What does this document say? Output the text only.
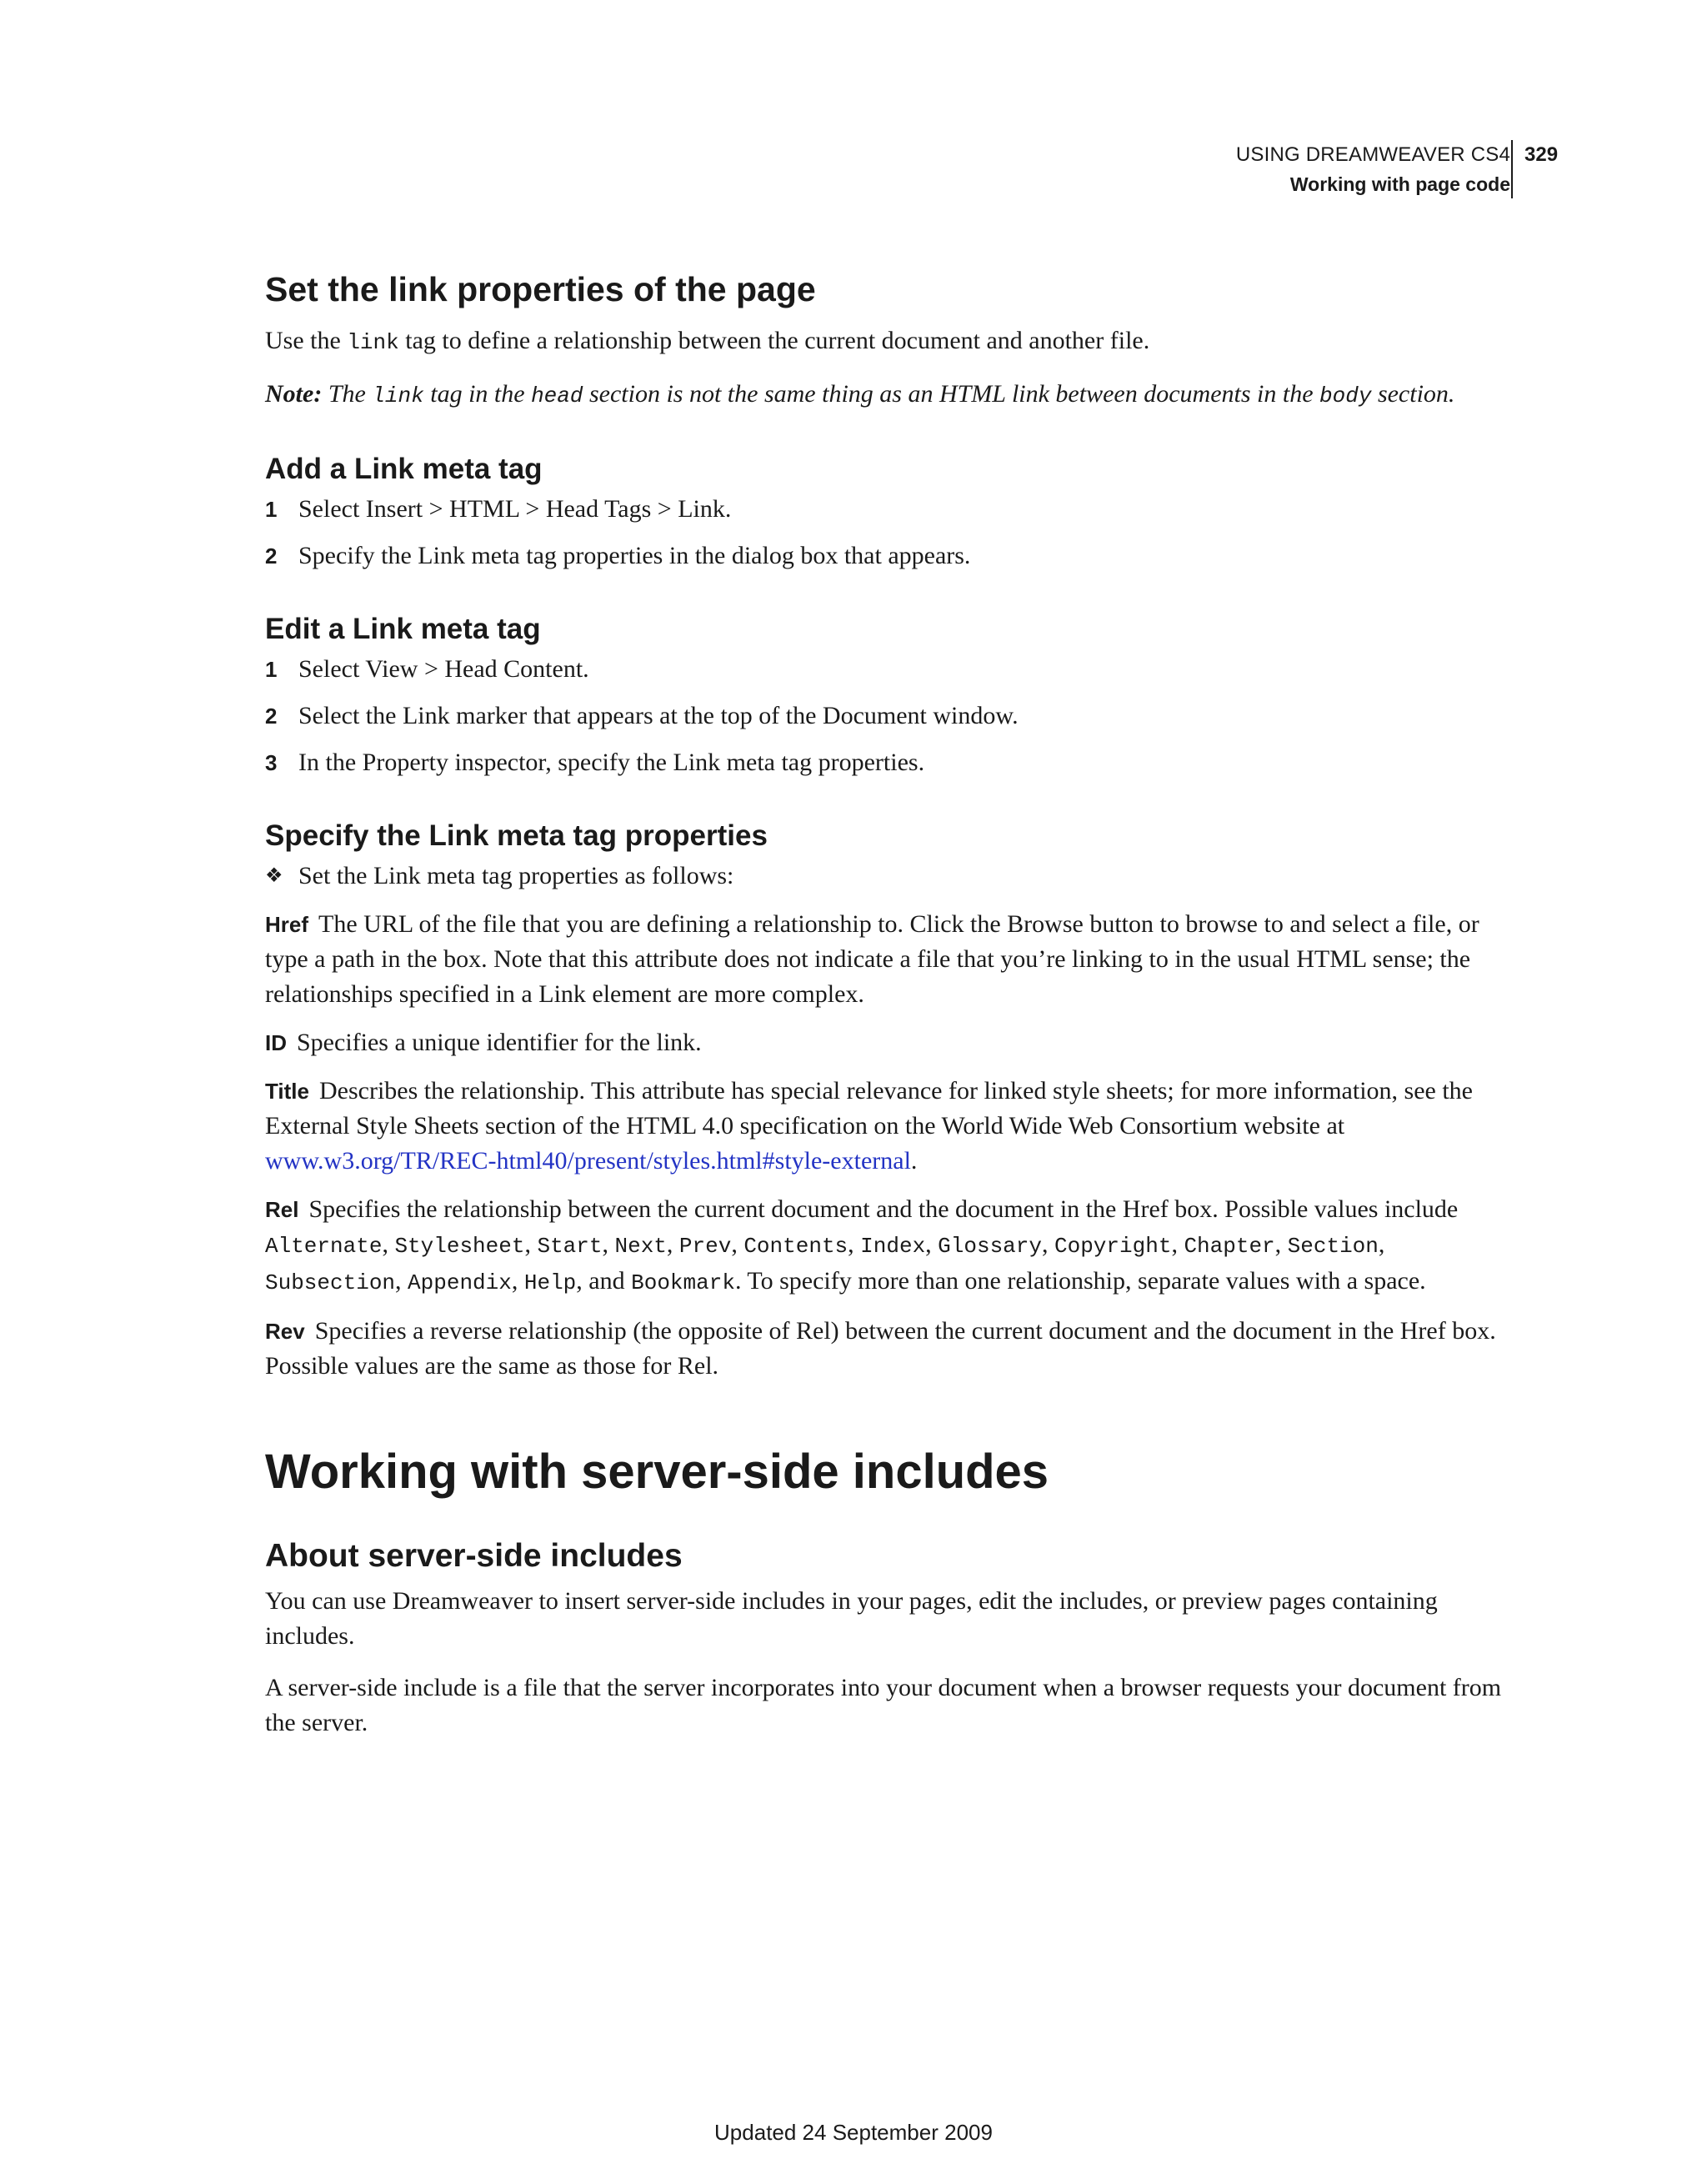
USING DREAMWEAVER CS4
Working with page code
329
Set the link properties of the page

Use the link tag to define a relationship between the current document and another file.

Note: The link tag in the head section is not the same thing as an HTML link between documents in the body section.

Add a Link meta tag
1 Select Insert > HTML > Head Tags > Link.

2 Specify the Link meta tag properties in the dialog box that appears.

Edit a Link meta tag
1 Select View > Head Content.

2 Select the Link marker that appears at the top of the Document window.

3 In the Property inspector, specify the Link meta tag properties.

Specify the Link meta tag properties
❖ Set the Link meta tag properties as follows:

Href The URL of the file that you are defining a relationship to. Click the Browse button to browse to and select a file, or type a path in the box. Note that this attribute does not indicate a file that you’re linking to in the usual HTML sense; the relationships specified in a Link element are more complex.

ID Specifies a unique identifier for the link.

Title Describes the relationship. This attribute has special relevance for linked style sheets; for more information, see the External Style Sheets section of the HTML 4.0 specification on the World Wide Web Consortium website at www.w3.org/TR/REC-html40/present/styles.html#style-external.

Rel Specifies the relationship between the current document and the document in the Href box. Possible values include Alternate, Stylesheet, Start, Next, Prev, Contents, Index, Glossary, Copyright, Chapter, Section, Subsection, Appendix, Help, and Bookmark. To specify more than one relationship, separate values with a space.

Rev Specifies a reverse relationship (the opposite of Rel) between the current document and the document in the Href box. Possible values are the same as those for Rel.

Working with server-side includes
About server-side includes

You can use Dreamweaver to insert server-side includes in your pages, edit the includes, or preview pages containing includes.

A server-side include is a file that the server incorporates into your document when a browser requests your document from the server.

Updated 24 September 2009
